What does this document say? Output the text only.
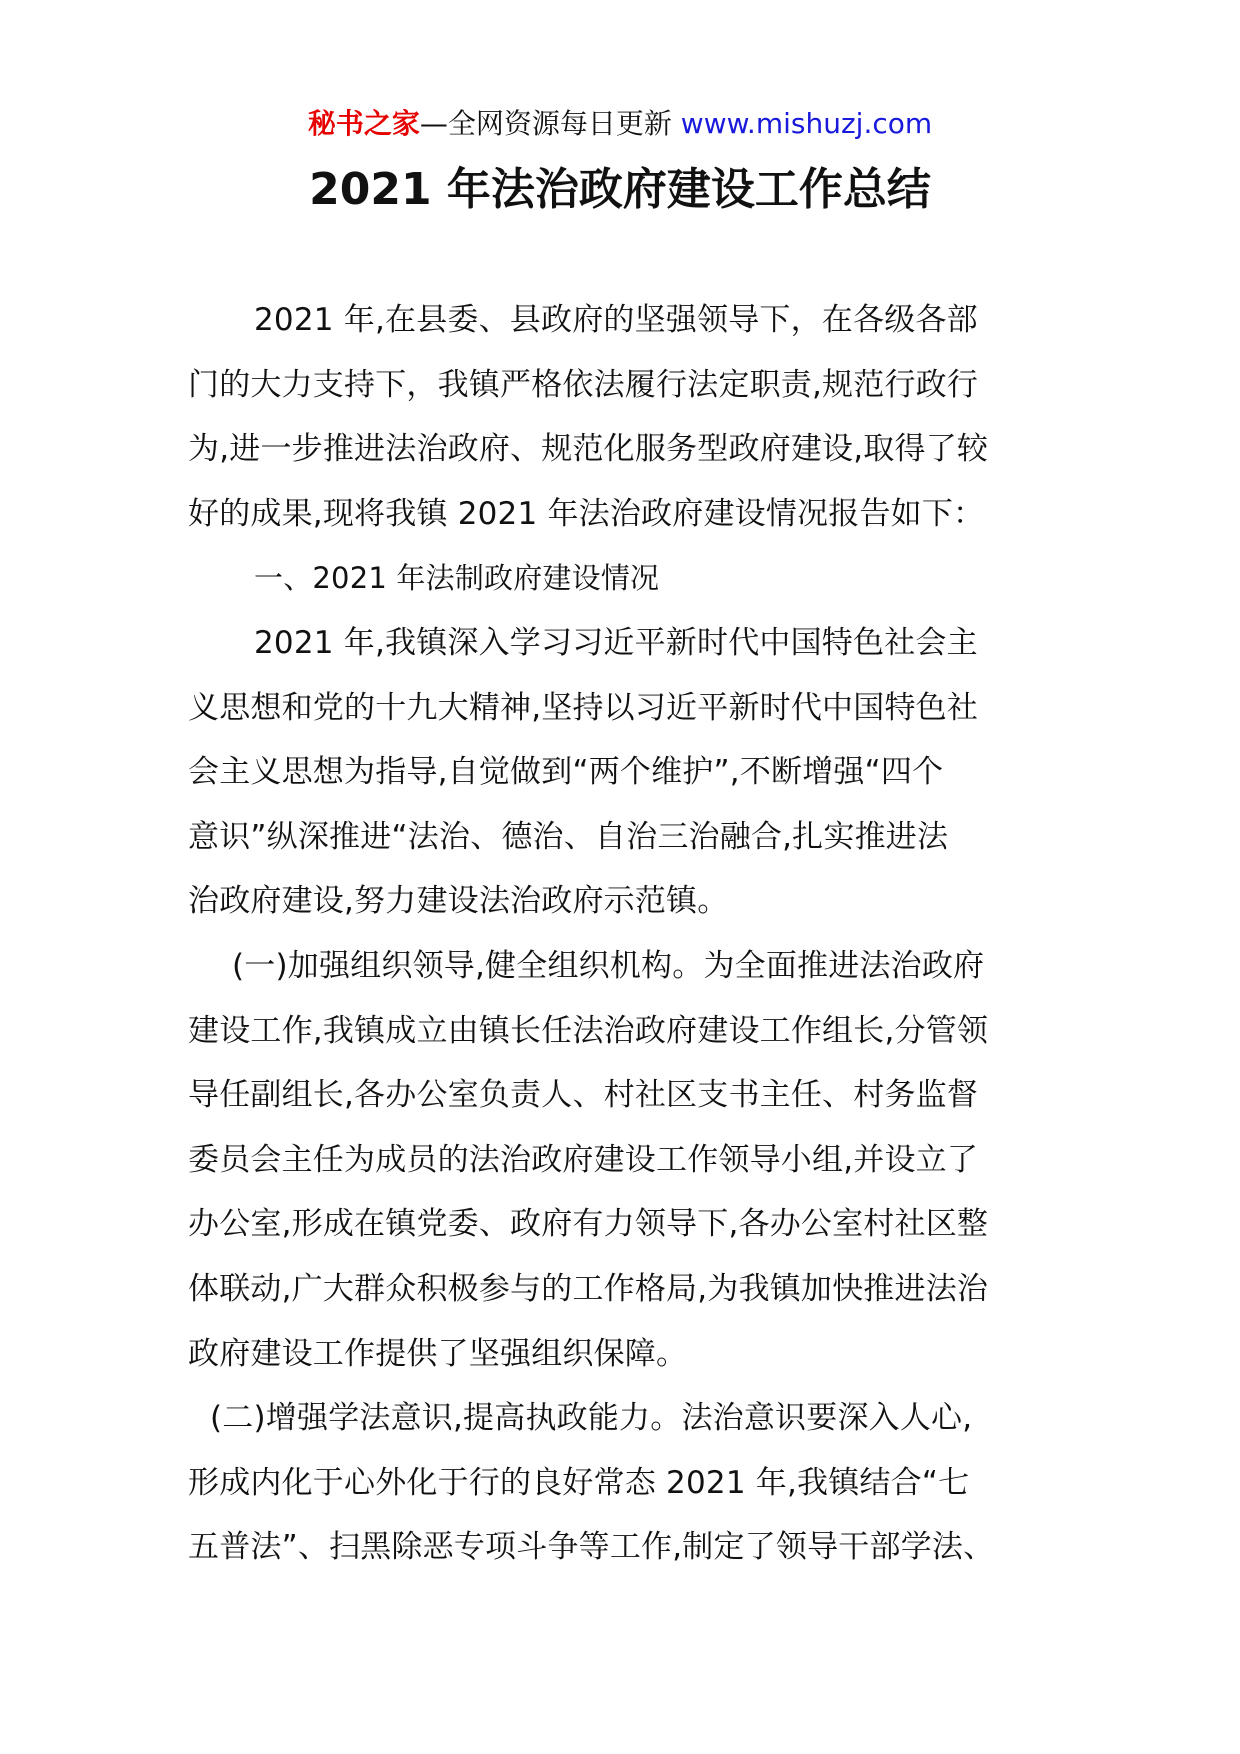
秘书之家—全网资源每日更新 www.mishuzj.com
2021 年法治政府建设工作总结
2021 年,在县委、县政府的坚强领导下，在各级各部
门的大力支持下，我镇严格依法履行法定职责,规范行政行
为,进一步推进法治政府、规范化服务型政府建设,取得了较
好的成果,现将我镇 2021 年法治政府建设情况报告如下：
一、2021 年法制政府建设情况
2021 年,我镇深入学习习近平新时代中国特色社会主
义思想和党的十九大精神,坚持以习近平新时代中国特色社
会主义思想为指导,自觉做到“两个维护”,不断增强“四个
意识”纵深推进“法治、德治、自治三治融合,扎实推进法
治政府建设,努力建设法治政府示范镇。
(一)加强组织领导,健全组织机构。为全面推进法治政府
建设工作,我镇成立由镇长任法治政府建设工作组长,分管领
导任副组长,各办公室负责人、村社区支书主任、村务监督
委员会主任为成员的法治政府建设工作领导小组,并设立了
办公室,形成在镇党委、政府有力领导下,各办公室村社区整
体联动,广大群众积极参与的工作格局,为我镇加快推进法治
政府建设工作提供了坚强组织保障。
(二)增强学法意识,提高执政能力。法治意识要深入人心,
形成内化于心外化于行的良好常态 2021 年,我镇结合“七
五普法”、扫黑除恶专项斗争等工作,制定了领导干部学法、
